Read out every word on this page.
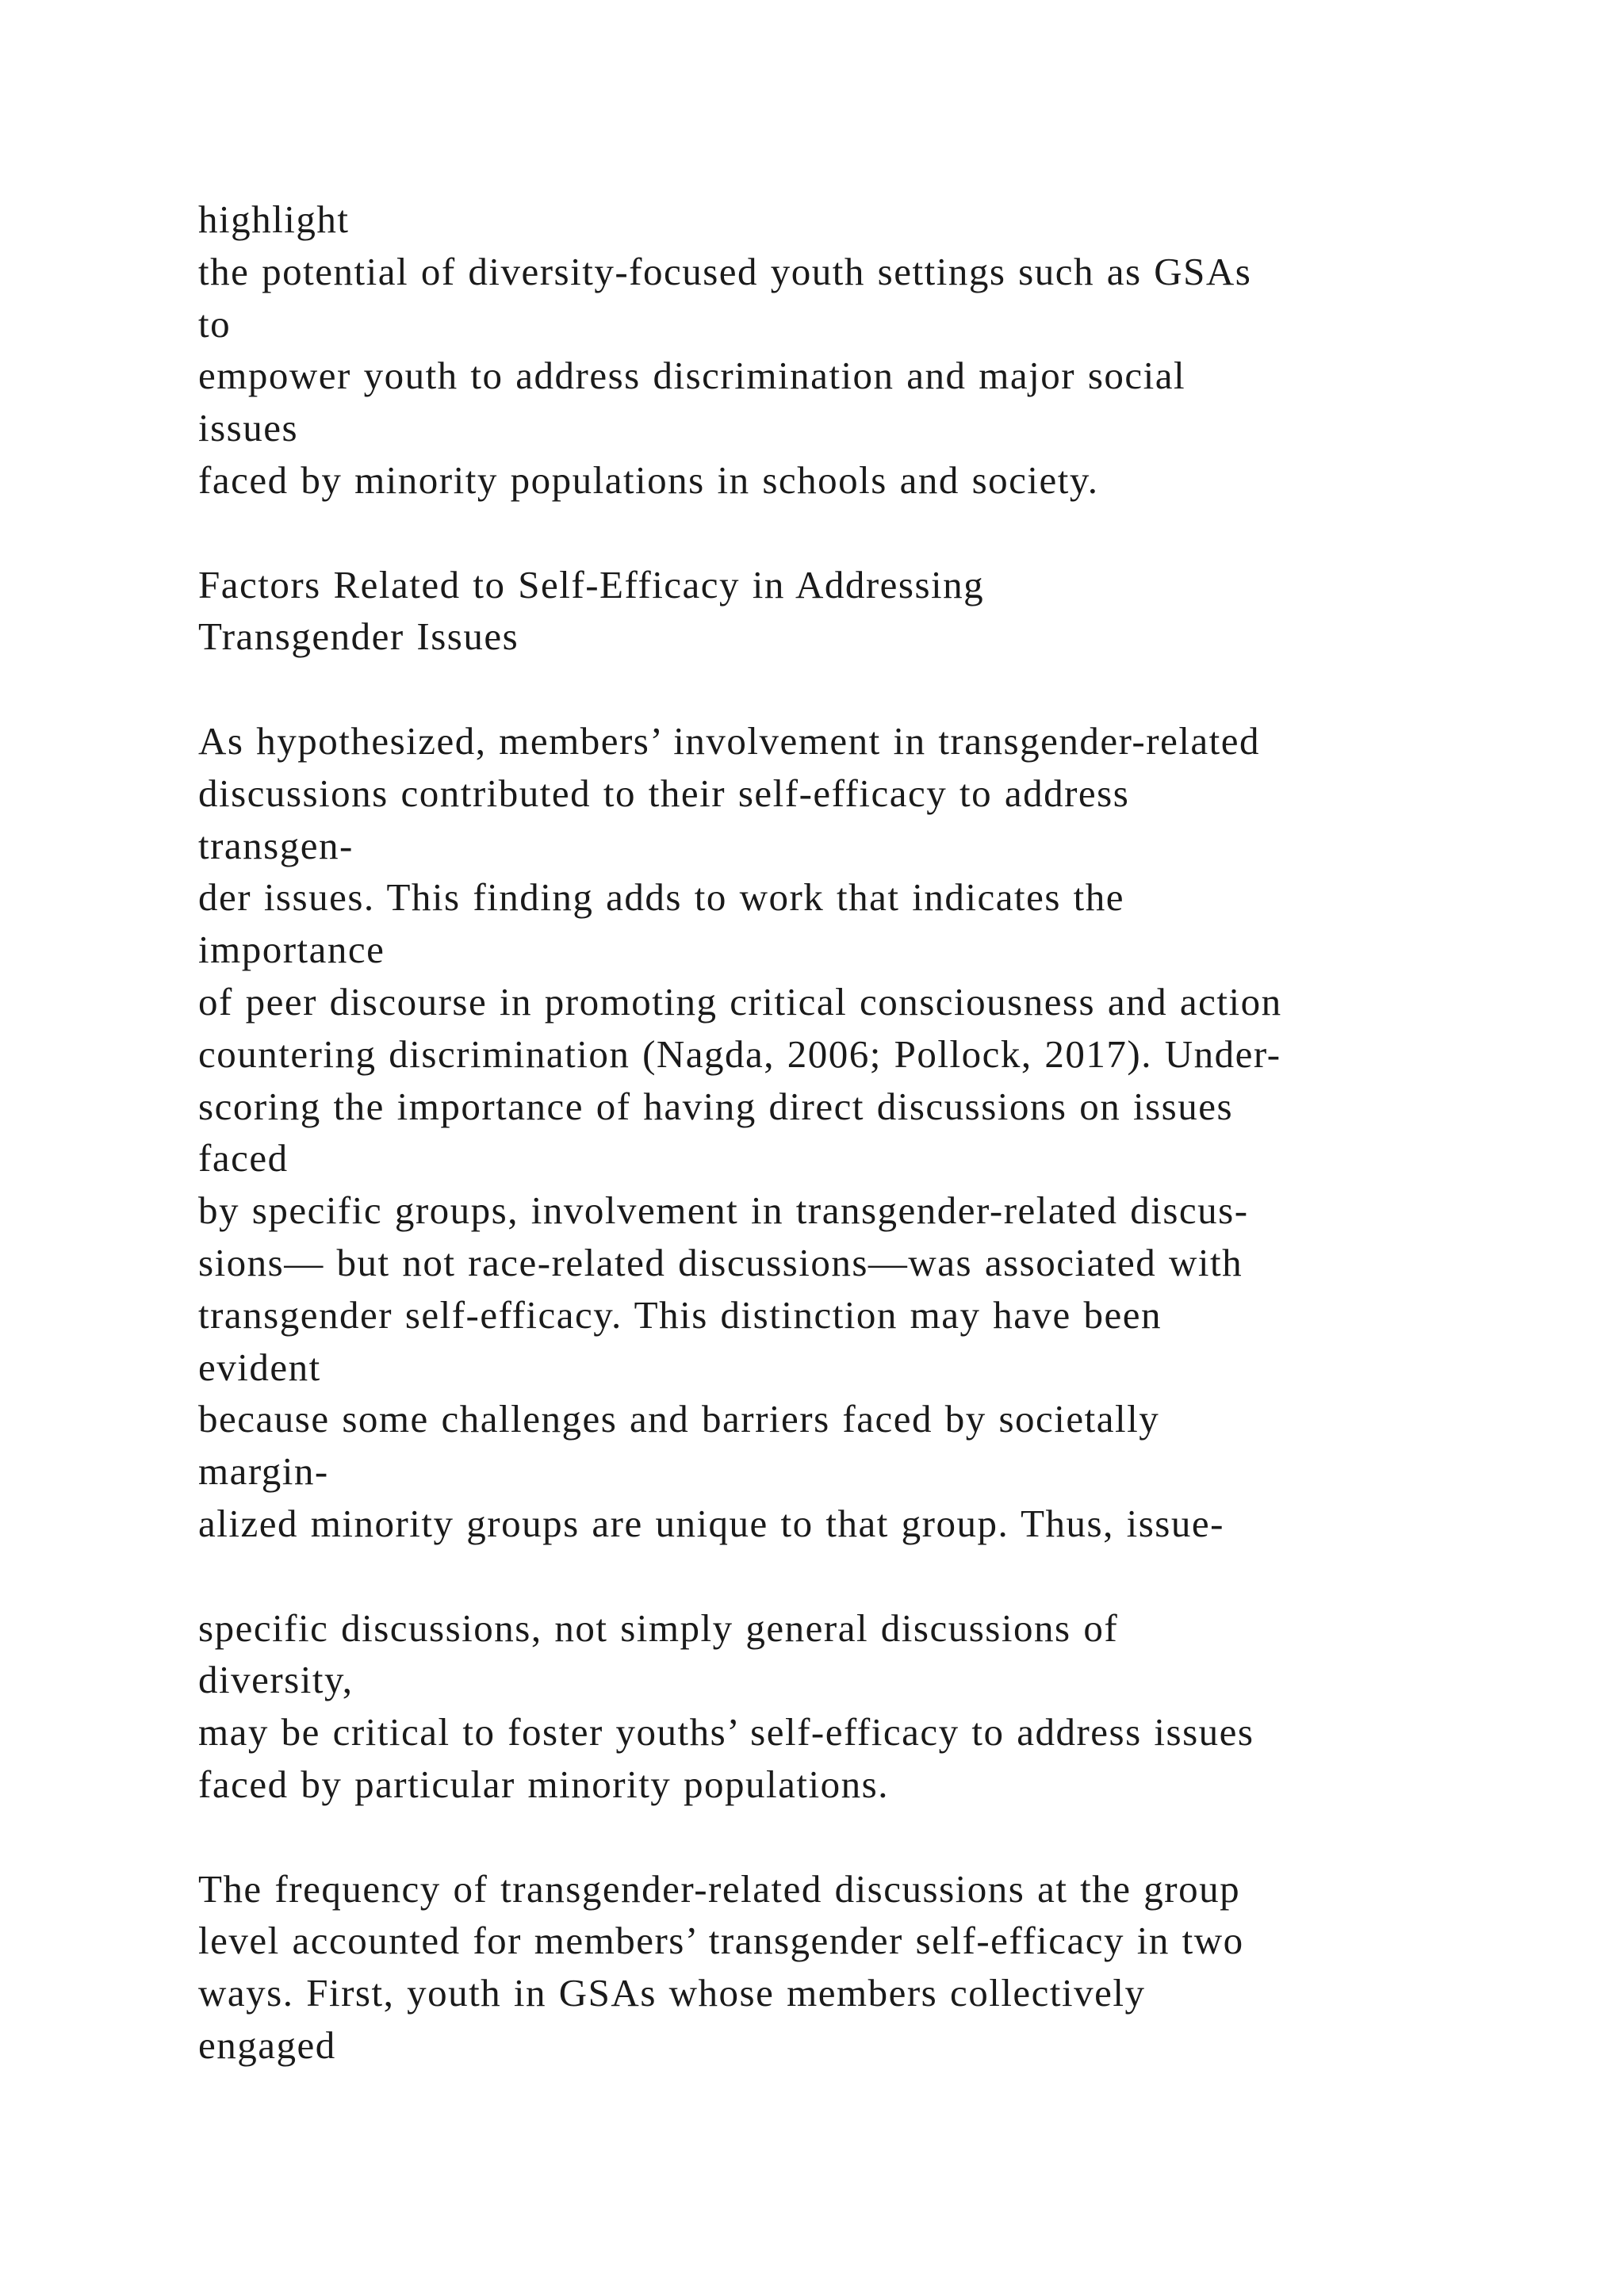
highlight
the potential of diversity-focused youth settings such as GSAs
to
empower youth to address discrimination and major social
issues
faced by minority populations in schools and society.
Factors Related to Self-Efficacy in Addressing
Transgender Issues
As hypothesized, members’ involvement in transgender-related
discussions contributed to their self-efficacy to address
transgen-
der issues. This finding adds to work that indicates the
importance
of peer discourse in promoting critical consciousness and action
countering discrimination (Nagda, 2006; Pollock, 2017). Under-
scoring the importance of having direct discussions on issues
faced
by specific groups, involvement in transgender-related discus-
sions— but not race-related discussions—was associated with
transgender self-efficacy. This distinction may have been
evident
because some challenges and barriers faced by societally
margin-
alized minority groups are unique to that group. Thus, issue-
specific discussions, not simply general discussions of
diversity,
may be critical to foster youths’ self-efficacy to address issues
faced by particular minority populations.
The frequency of transgender-related discussions at the group
level accounted for members’ transgender self-efficacy in two
ways. First, youth in GSAs whose members collectively
engaged
